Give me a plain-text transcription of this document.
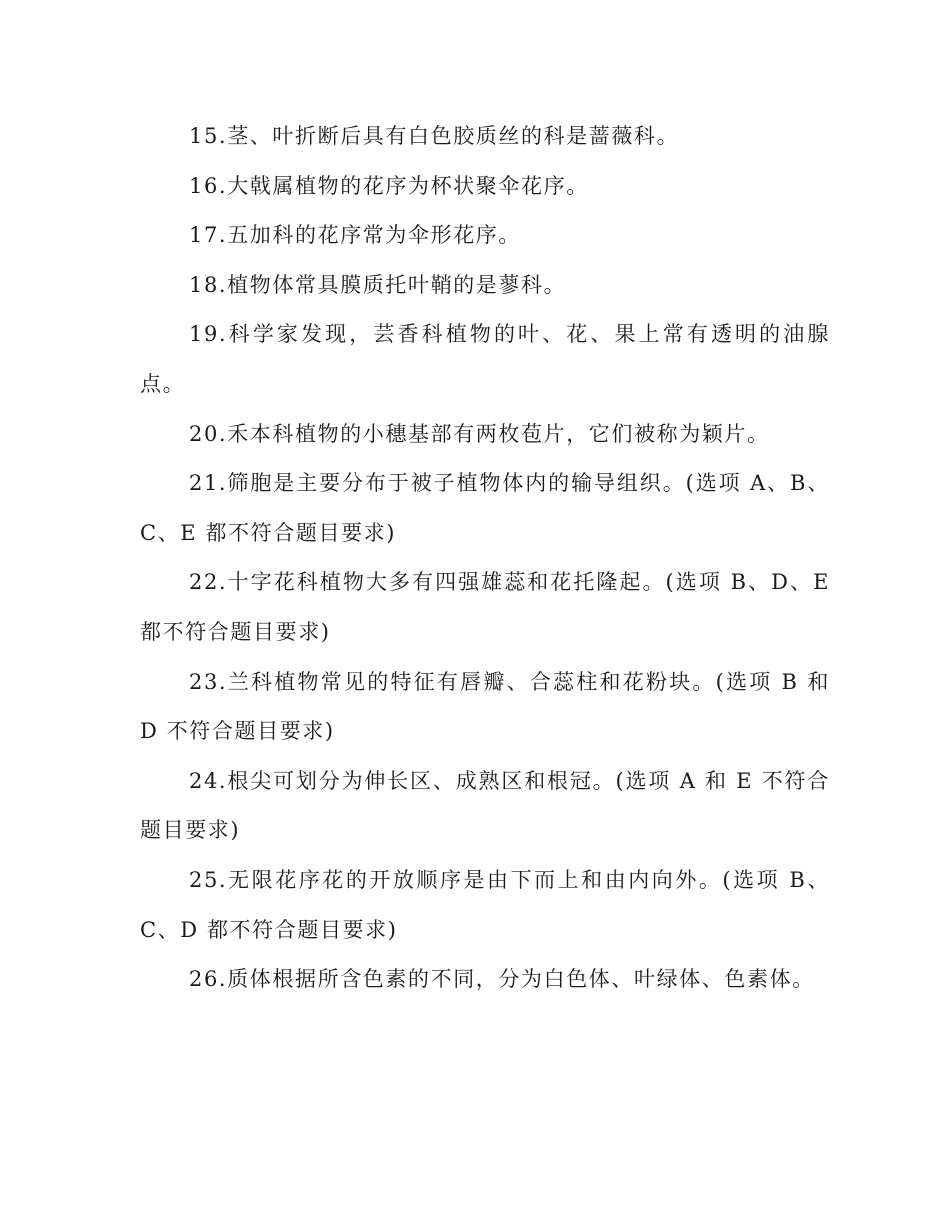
15.茎、叶折断后具有白色胶质丝的科是蔷薇科。

16.大戟属植物的花序为杯状聚伞花序。

17.五加科的花序常为伞形花序。

18.植物体常具膜质托叶鞘的是蓼科。

19.科学家发现，芸香科植物的叶、花、果上常有透明的油腺点。

20.禾本科植物的小穗基部有两枚苞片，它们被称为颖片。

21.筛胞是主要分布于被子植物体内的输导组织。(选项 A、B、C、E 都不符合题目要求)

22.十字花科植物大多有四强雄蕊和花托隆起。(选项 B、D、E 都不符合题目要求)

23.兰科植物常见的特征有唇瓣、合蕊柱和花粉块。(选项 B 和 D 不符合题目要求)

24.根尖可划分为伸长区、成熟区和根冠。(选项 A 和 E 不符合题目要求)

25.无限花序花的开放顺序是由下而上和由内向外。(选项 B、C、D 都不符合题目要求)

26.质体根据所含色素的不同，分为白色体、叶绿体、色素体。
